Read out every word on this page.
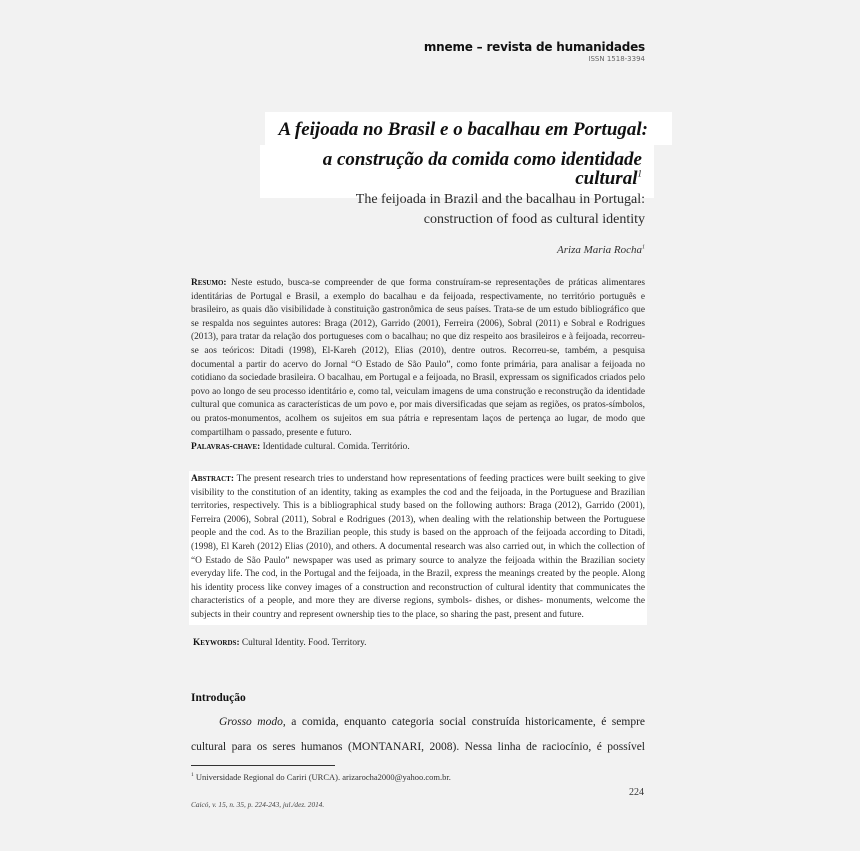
mneme – revista de humanidades
ISSN 1518-3394
A feijoada no Brasil e o bacalhau em Portugal:
a construção da comida como identidade cultural$^1$
The feijoada in Brazil and the bacalhau in Portugal:
construction of food as cultural identity
Ariza Maria Rocha$^1$
Resumo: Neste estudo, busca-se compreender de que forma construíram-se representações de práticas alimentares identitárias de Portugal e Brasil, a exemplo do bacalhau e da feijoada, respectivamente, no território português e brasileiro, as quais dão visibilidade à constituição gastronômica de seus países. Trata-se de um estudo bibliográfico que se respalda nos seguintes autores: Braga (2012), Garrido (2001), Ferreira (2006), Sobral (2011) e Sobral e Rodrigues (2013), para tratar da relação dos portugueses com o bacalhau; no que diz respeito aos brasileiros e à feijoada, recorreu-se aos teóricos: Ditadi (1998), El-Kareh (2012), Elias (2010), dentre outros. Recorreu-se, também, a pesquisa documental a partir do acervo do Jornal “O Estado de São Paulo”, como fonte primária, para analisar a feijoada no cotidiano da sociedade brasileira. O bacalhau, em Portugal e a feijoada, no Brasil, expressam os significados criados pelo povo ao longo de seu processo identitário e, como tal, veiculam imagens de uma construção e reconstrução da identidade cultural que comunica as características de um povo e, por mais diversificadas que sejam as regiões, os pratos-símbolos, ou pratos-monumentos, acolhem os sujeitos em sua pátria e representam laços de pertença ao lugar, de modo que compartilham o passado, presente e futuro.
Palavras-chave: Identidade cultural. Comida. Território.
Abstract: The present research tries to understand how representations of feeding practices were built seeking to give visibility to the constitution of an identity, taking as examples the cod and the feijoada, in the Portuguese and Brazilian territories, respectively. This is a bibliographical study based on the following authors: Braga (2012), Garrido (2001), Ferreira (2006), Sobral (2011), Sobral e Rodrigues (2013), when dealing with the relationship between the Portuguese people and the cod. As to the Brazilian people, this study is based on the approach of the feijoada according to Ditadi, (1998), El Kareh (2012) Elias (2010), and others. A documental research was also carried out, in which the collection of “O Estado de São Paulo” newspaper was used as primary source to analyze the feijoada within the Brazilian society everyday life. The cod, in the Portugal and the feijoada, in the Brazil, express the meanings created by the people. Along his identity process like convey images of a construction and reconstruction of cultural identity that communicates the characteristics of a people, and more they are diverse regions, symbols- dishes, or dishes- monuments, welcome the subjects in their country and represent ownership ties to the place, so sharing the past, present and future.
Keywords: Cultural Identity. Food. Territory.
Introdução
Grosso modo, a comida, enquanto categoria social construída historicamente, é sempre
cultural para os seres humanos (MONTANARI, 2008). Nessa linha de raciocínio, é possível
$^1$ Universidade Regional do Cariri (URCA). arizarocha2000@yahoo.com.br.
224
Caicó, v. 15, n. 35, p. 224-243, jul./dez. 2014.
